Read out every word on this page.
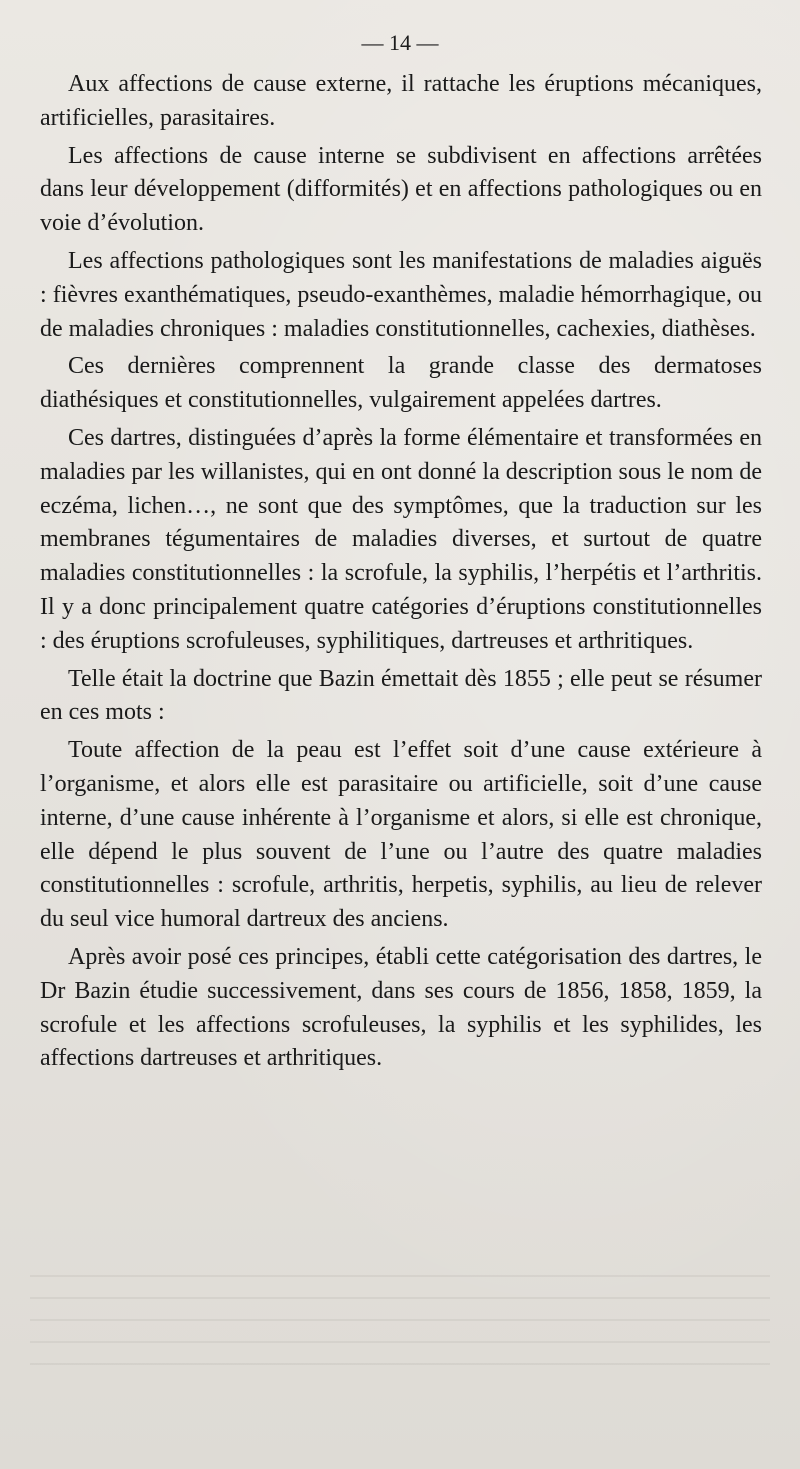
— 14 —

Aux affections de cause externe, il rattache les éruptions mécaniques, artificielles, parasitaires.

Les affections de cause interne se subdivisent en affections arrêtées dans leur développement (difformités) et en affections pathologiques ou en voie d’évolution.

Les affections pathologiques sont les manifestations de maladies aiguës : fièvres exanthématiques, pseudo-exanthèmes, maladie hémorrhagique, ou de maladies chroniques : maladies constitutionnelles, cachexies, diathèses.

Ces dernières comprennent la grande classe des dermatoses diathésiques et constitutionnelles, vulgairement appelées dartres.

Ces dartres, distinguées d’après la forme élémentaire et transformées en maladies par les willanistes, qui en ont donné la description sous le nom de eczéma, lichen…, ne sont que des symptômes, que la traduction sur les membranes tégumentaires de maladies diverses, et surtout de quatre maladies constitutionnelles : la scrofule, la syphilis, l’herpétis et l’arthritis. Il y a donc principalement quatre catégories d’éruptions constitutionnelles : des éruptions scrofuleuses, syphilitiques, dartreuses et arthritiques.

Telle était la doctrine que Bazin émettait dès 1855 ; elle peut se résumer en ces mots :

Toute affection de la peau est l’effet soit d’une cause extérieure à l’organisme, et alors elle est parasitaire ou artificielle, soit d’une cause interne, d’une cause inhérente à l’organisme et alors, si elle est chronique, elle dépend le plus souvent de l’une ou l’autre des quatre maladies constitutionnelles : scrofule, arthritis, herpetis, syphilis, au lieu de relever du seul vice humoral dartreux des anciens.

Après avoir posé ces principes, établi cette catégorisation des dartres, le Dr Bazin étudie successivement, dans ses cours de 1856, 1858, 1859, la scrofule et les affections scrofuleuses, la syphilis et les syphilides, les affections dartreuses et arthritiques.
